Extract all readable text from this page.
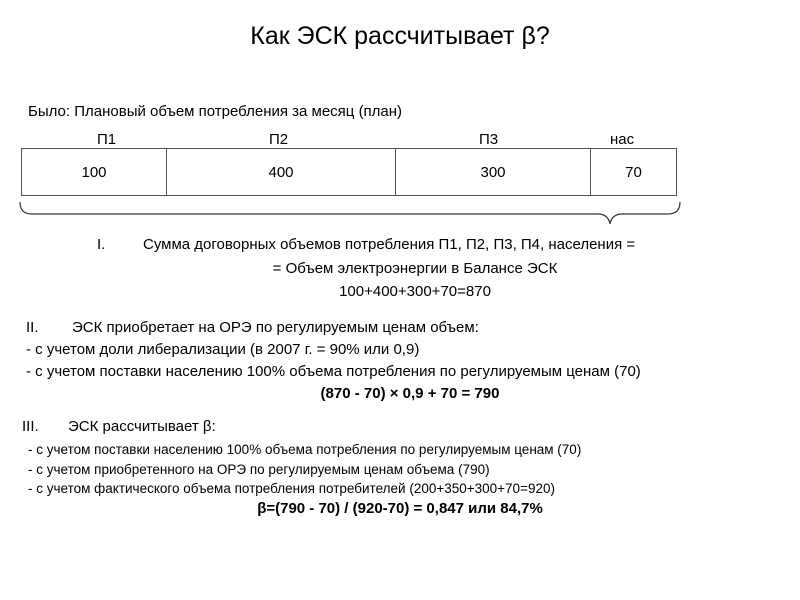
Как ЭСК рассчитывает β?
Было: Плановый объем потребления за месяц (план)
П1	П2	П3	нас
100	400	300	70
I.	Сумма договорных объемов потребления П1, П2, П3, П4, населения =
= Объем электроэнергии в Балансе ЭСК
100+400+300+70=870
II. ЭСК приобретает на ОРЭ по регулируемым ценам объем:
- с учетом доли либерализации (в 2007 г. = 90% или 0,9)
- с учетом поставки населению 100% объема потребления по регулируемым ценам (70)
(870 - 70) × 0,9 + 70 = 790
III. ЭСК рассчитывает β:
- с учетом поставки населению 100% объема потребления по регулируемым ценам (70)
- с учетом приобретенного на ОРЭ по регулируемым ценам объема (790)
- с учетом фактического объема потребления потребителей (200+350+300+70=920)
β=(790 - 70) / (920-70) = 0,847 или 84,7%
